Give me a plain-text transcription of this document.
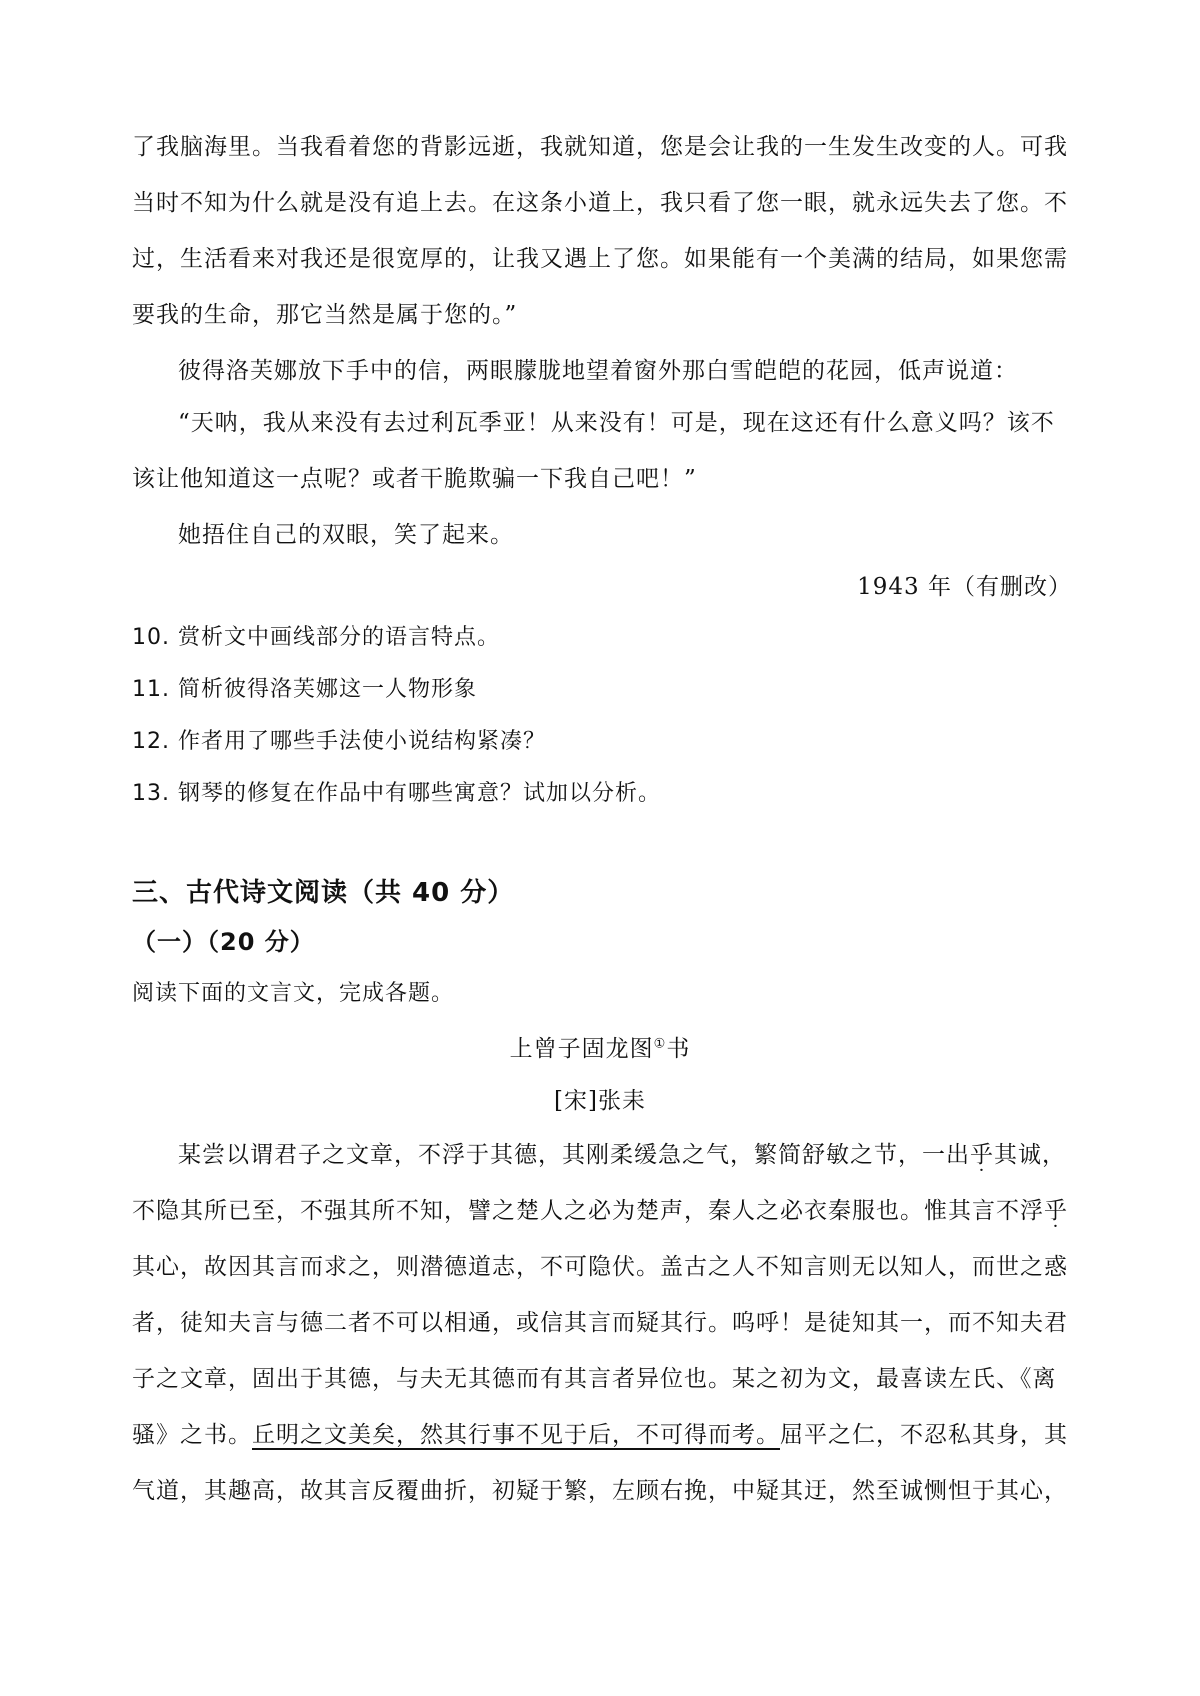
了我脑海里。当我看着您的背影远逝，我就知道，您是会让我的一生发生改变的人。可我
当时不知为什么就是没有追上去。在这条小道上，我只看了您一眼，就永远失去了您。不
过，生活看来对我还是很宽厚的，让我又遇上了您。如果能有一个美满的结局，如果您需
要我的生命，那它当然是属于您的。”
彼得洛芙娜放下手中的信，两眼朦胧地望着窗外那白雪皑皑的花园，低声说道：
“天呐，我从来没有去过利瓦季亚！从来没有！可是，现在这还有什么意义吗？该不
该让他知道这一点呢？或者干脆欺骗一下我自己吧！”
她捂住自己的双眼，笑了起来。
1943 年（有删改）
10. 赏析文中画线部分的语言特点。
11. 简析彼得洛芙娜这一人物形象
12. 作者用了哪些手法使小说结构紧凑？
13. 钢琴的修复在作品中有哪些寓意？试加以分析。
三、古代诗文阅读（共 40 分）
（一）（20 分）
阅读下面的文言文，完成各题。
上曾子固龙图①书
[宋]张耒
某尝以谓君子之文章，不浮于其德，其刚柔缓急之气，繁简舒敏之节，一出乎其诚，
不隐其所已至，不强其所不知，譬之楚人之必为楚声，秦人之必衣秦服也。惟其言不浮乎
其心，故因其言而求之，则潜德道志，不可隐伏。盖古之人不知言则无以知人，而世之惑
者，徒知夫言与德二者不可以相通，或信其言而疑其行。呜呼！是徒知其一，而不知夫君
子之文章，固出于其德，与夫无其德而有其言者异位也。某之初为文，最喜读左氏、《离
骚》之书。丘明之文美矣，然其行事不见于后，不可得而考。屈平之仁，不忍私其身，其
气道，其趣高，故其言反覆曲折，初疑于繁，左顾右挽，中疑其迂，然至诚恻怛于其心，
